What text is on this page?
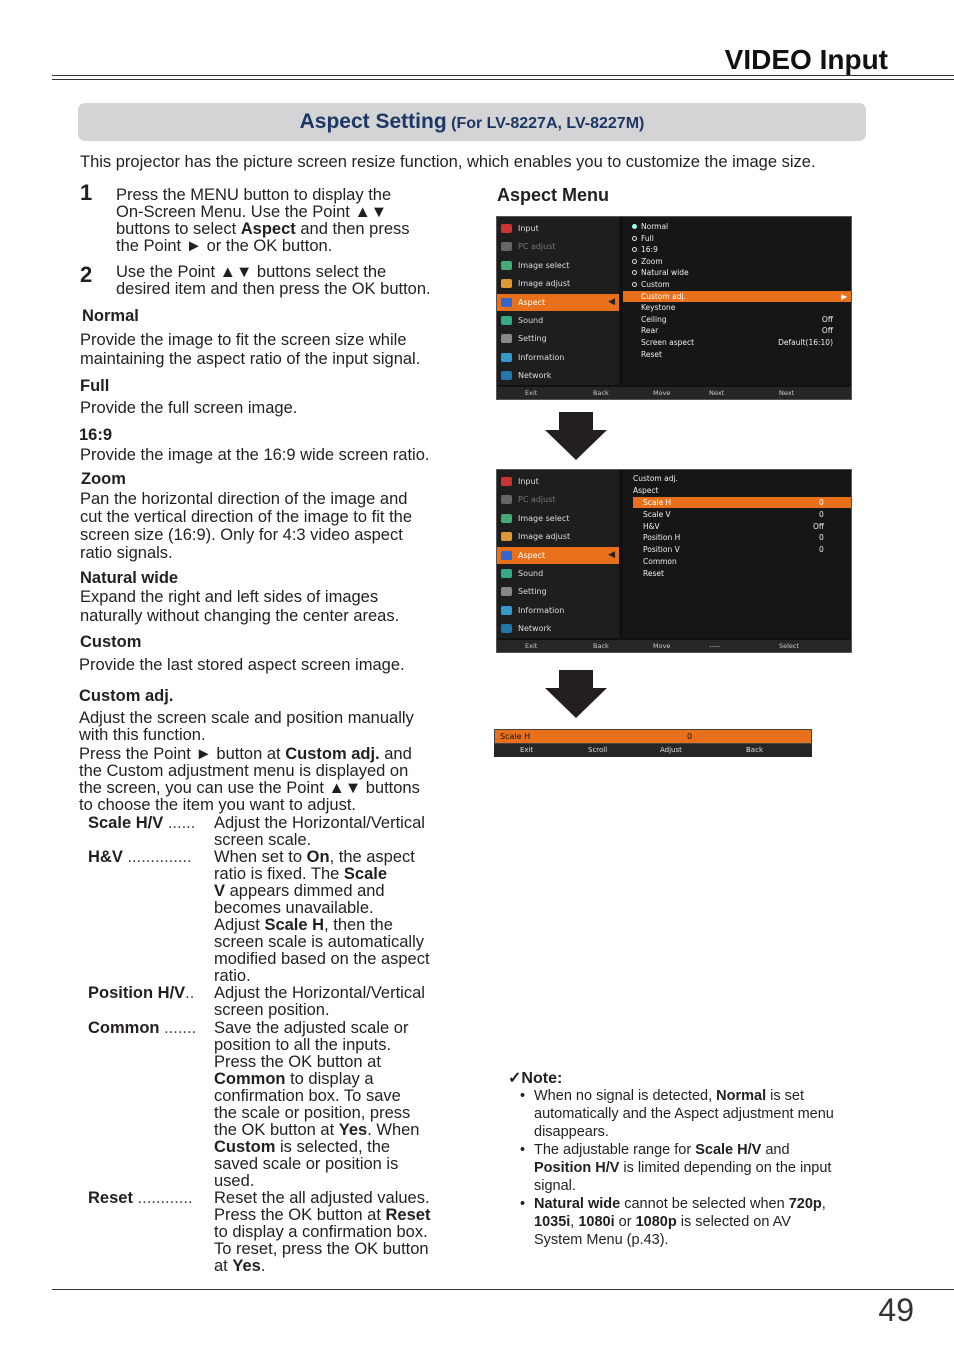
VIDEO Input
Aspect Setting (For LV-8227A, LV-8227M)
This projector has the picture screen resize function, which enables you to customize the image size.
1 Press the MENU button to display the
On-Screen Menu. Use the Point ▲▼
buttons to select Aspect and then press
the Point ► or the OK button.
2 Use the Point ▲▼ buttons select the
desired item and then press the OK button.
Normal
Provide the image to fit the screen size while
maintaining the aspect ratio of the input signal.
Full
Provide the full screen image.
16:9
Provide the image at the 16:9 wide screen ratio.
Zoom
Pan the horizontal direction of the image and
cut the vertical direction of the image to fit the
screen size (16:9). Only for 4:3 video aspect
ratio signals.
Natural wide
Expand the right and left sides of images
naturally without changing the center areas.
Custom
Provide the last stored aspect screen image.
Custom adj.
Adjust the screen scale and position manually
with this function.
Press the Point ► button at Custom adj. and
the Custom adjustment menu is displayed on
the screen, you can use the Point ▲▼ buttons
to choose the item you want to adjust.
Scale H/V ...... Adjust the Horizontal/Vertical
screen scale.
H&V .............. When set to On, the aspect
ratio is fixed. The Scale
V appears dimmed and
becomes unavailable.
Adjust Scale H, then the
screen scale is automatically
modified based on the aspect
ratio.
Position H/V.. Adjust the Horizontal/Vertical
screen position.
Common ....... Save the adjusted scale or
position to all the inputs.
Press the OK button at
Common to display a
confirmation box. To save
the scale or position, press
the OK button at Yes. When
Custom is selected, the
saved scale or position is
used.
Reset ............ Reset the all adjusted values.
Press the OK button at Reset
to display a confirmation box.
To reset, press the OK button
at Yes.
Aspect Menu
Input
PC adjust
Image select
Image adjust
Aspect	◀
Sound
Setting
Information
Network
Normal
Full
16:9
Zoom
Natural wide
Custom
Custom adj.	▶
Keystone
Ceiling	Off
Rear	Off
Screen aspect	Default(16:10)
Reset
Exit	Back	Move	Next	Next
Input
PC adjust
Image select
Image adjust
Aspect	◀
Sound
Setting
Information
Network
Custom adj.
Aspect
Scale H	0
Scale V	0
H&V	Off
Position H	0
Position V	0
Common
Reset
Exit	Back	Move	-----	Select
Scale H	0
Exit	Scroll	Adjust	Back
✓Note:
• When no signal is detected, Normal is set
automatically and the Aspect adjustment menu
disappears.
• The adjustable range for Scale H/V and
Position H/V is limited depending on the input
signal.
• Natural wide cannot be selected when 720p,
1035i, 1080i or 1080p is selected on AV
System Menu (p.43).
49
